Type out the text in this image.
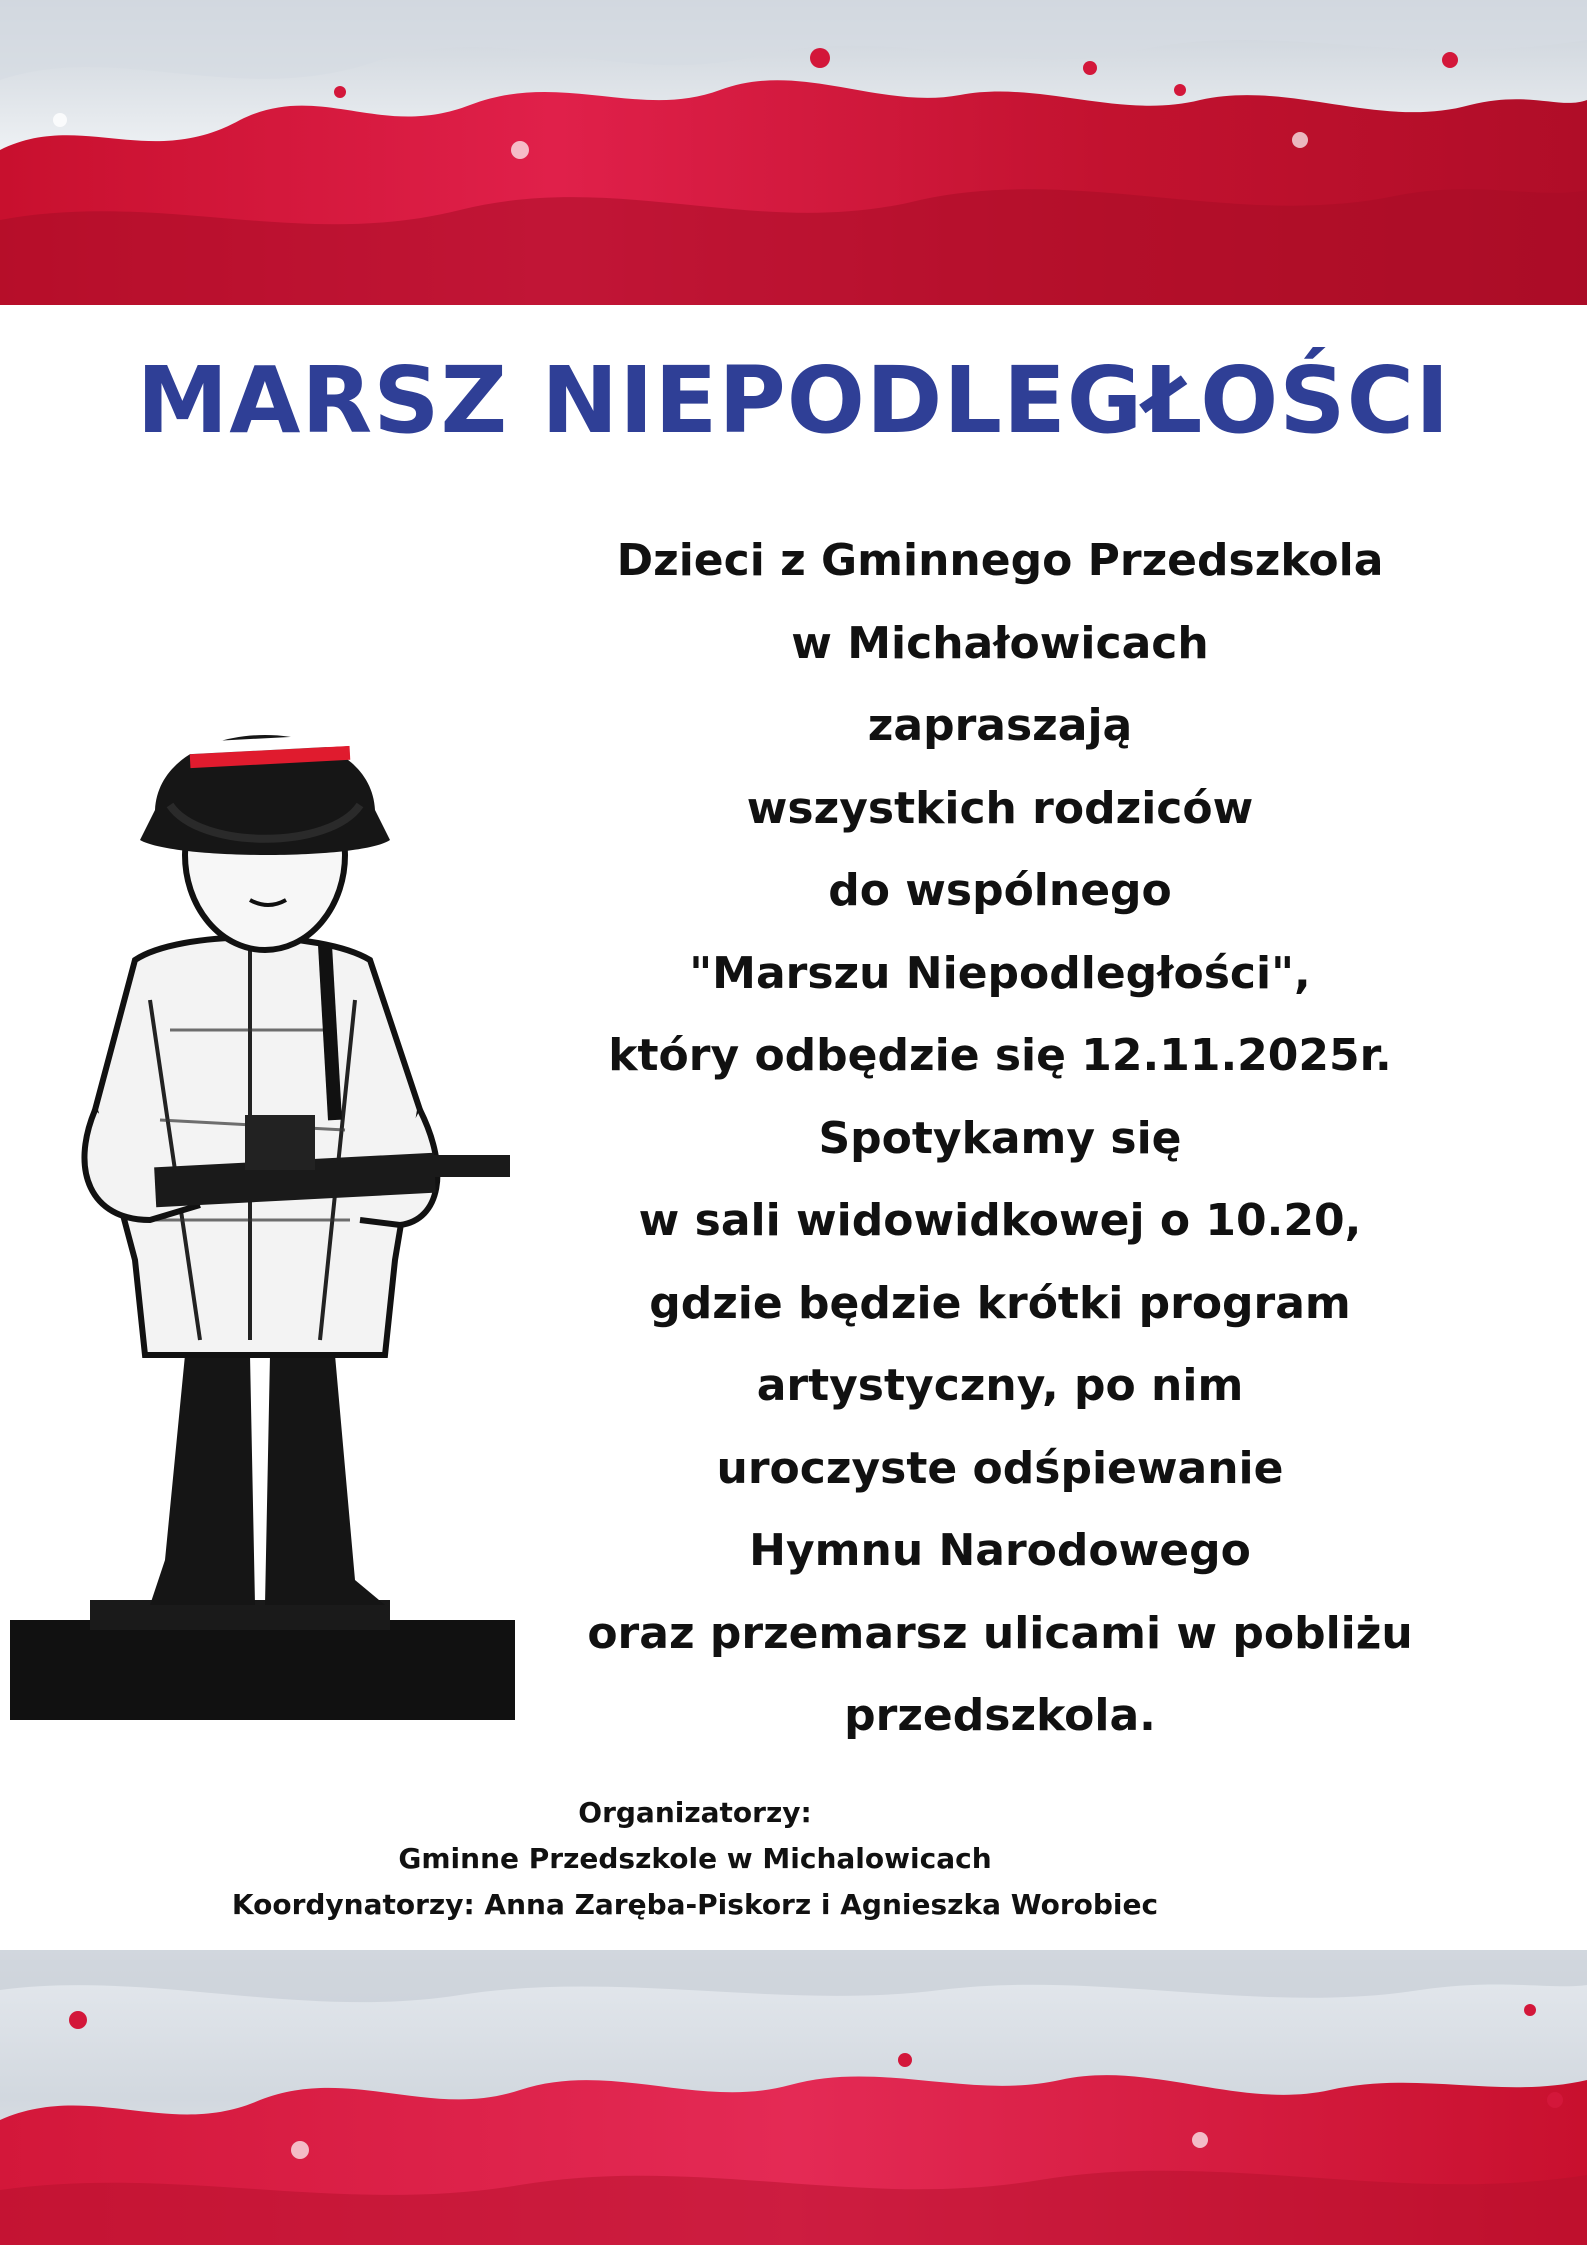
MARSZ NIEPODLEGŁOŚCI
Dzieci z Gminnego Przedszkola
w Michałowicach
zapraszają
wszystkich rodziców
do wspólnego
"Marszu Niepodległości",
który odbędzie się 12.11.2025r.
Spotykamy się
w sali widowidkowej o 10.20,
gdzie będzie krótki program
artystyczny, po nim
uroczyste odśpiewanie
Hymnu Narodowego
oraz przemarsz ulicami w pobliżu
przedszkola.
Organizatorzy:
Gminne Przedszkole w Michalowicach
Koordynatorzy: Anna Zaręba-Piskorz i Agnieszka Worobiec
